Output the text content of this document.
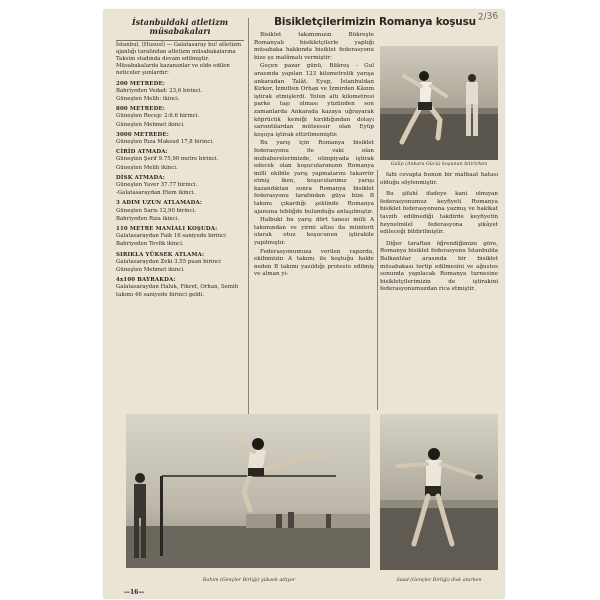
2/36
İstanbuldaki atletizm müsabakaları

İstanbul, (Hususî) — Galatasaray bu! atletizm ajanlığı tarafından atletizm müsabakalarına Taksim stadında devam edilmiştir. Müsabakalarda kazananlar ve elde edilen neticeler şunlardır:

200 METREDE:

Bahriyeden Vedad: 23,6 birinci.

Güneşten Melih: ikinci.

800 METREDE:

Güneşten Recep: 2:6.6 birinci.

Güneşten Mehmet ikinci.

3000 METREDE:

Güneşten Rıza Maksud 17,8 birinci.

CİRİD ATMADA:

Güneşten Şerif 9.75,90 metre birinci.

Güneşten Melih ikinci.

DİSK ATMADA:

Güneşten Yaver 37.77 birinci.

-Galatasaraydan Etem ikinci.

3 ADIM UZUN ATLAMADA:

Güneşten Saris 12,90 birinci.

Bahriyeden Rıza ikinci.

110 METRE MANİALI KOŞUDA:

Galatasaraydan Faik 16 saniyede birinci

Bahriyeden Tevfik ikinci.

SIRIKLA YÜKSEK ATLAMA:

Galatasaraydan Zeki 3.55 puan birinci

Güneşten Mehmet ikinci.

4x100 BAYRAKDA:

Galatasaraydan Haluk, Fikret, Orhan, Semih takımı 46 saniyede birinci geldi.

Bisikletçilerimizin Romanya koşusu

Bisiklet takımımızın Bükreşte Romanyalı bisikletçilerle yaptığı müsabaka hakkında bisiklet federasyonu bize şu malûmatı vermiştir:

Geçen pazar günü, Bükreş - Gul arasında yapılan 123 kilometrelik yarışa ankaradan Talât, Eyup, İstanbuldan Kirkor, İzmitten Orhan ve İzmirden Kâzım iştirak etmişlerdi. Yolun altı kilometresi parke taşı olması yüzünden son zamanlarda Ankarada kazaya uğrayarak köprücük kemiği kırıldığından dolayı sarsıntılardan müteessir olan Eyüp koşuya iştirak ettirilmemiştir.

Bu yarış için Romanya bisiklet federasyonu ile vaki olan muhaberelerimizde, olimpiyada iştirak edecek olan koşucularımızın Romanya milli ekibile yarış yapmalarını takarrür etmiş iken, koşucularımız yarışı kazandıktan sonra Romanya bisiklet federasyonu tarafından güya bize B takımı çıkardığı şeklinde Romanya ajansına tebliğde bulunduğu anlaşılmıştır.

Halbuki bu yarış dört tanesi milli A takımından ve yirmi altısı da münferit olarak otuz koşucunun iştirakile yapılmıştır.

Federasyonumuza verilen raporda, ekibimizin A takımı ile koştuğu halde neden B takımı yazıldığı protesto edilmiş ve alman yi-

Galip (Ankara Gücü) koşunun bitirirken

fahi cevapta bunun bir matbaat hatası olduğu söylenmiştir.

Bu şifahî ifadeye kani olmıyan federasyonumuz keyfiyeti Romanya bisiklet federasyonuna yazmış ve hakikat tavzih edilmediği takdirde keyfiyetin beynelmilel federasyona şikâyet edileceği bildirilmiştir.

Diğer taraftan öğrendiğimize göre, Romanya bisiklet federasyonu İstanbulda Balkanlılar arasında bir bisiklet müsabakası tertip edilmesini ve ağustos sonunda yapılacak Romanya turnesine bisikletçilerimizin de iştirakini federasyonumuzdan rica etmiştir.

Rahim (Gençler Birliği) yüksek atlıyor	Suad (Gençler Birliği) disk atarken
—16—
